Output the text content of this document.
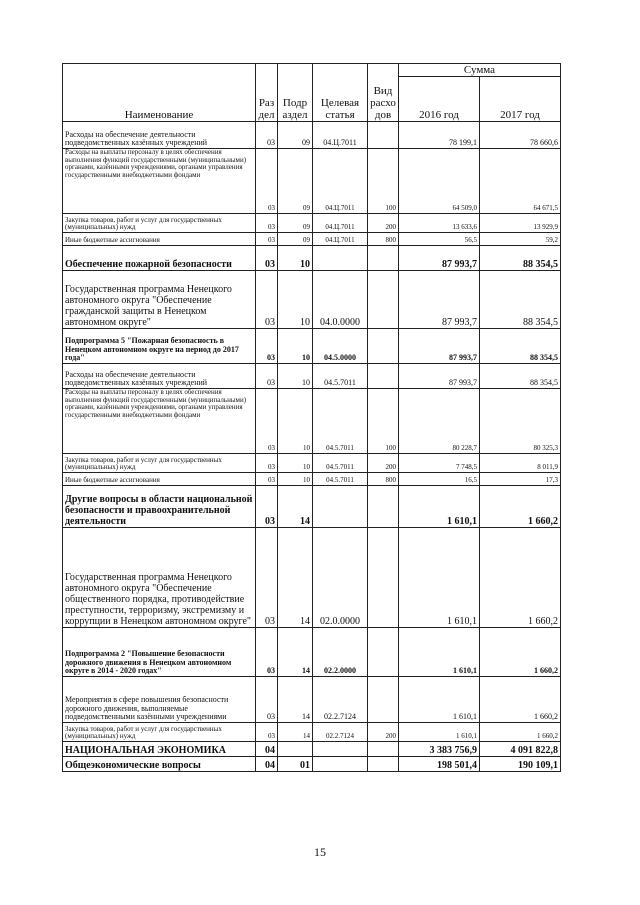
Наименование	Раз дел	Подр аздел	Целевая статья	Вид расхо дов	Сумма	
					2016 год	2017 год
Расходы на обеспечение деятельности подведомственных казённых учреждений	03	09	04.Ц.7011		78 199,1	78 660,6
Расходы на выплаты персоналу в целях обеспечения выполнения функций государственными (муниципальными) органами, казёнными учреждениями, органами управления государственными внебюджетными фондами	03	09	04.Ц.7011	100	64 509,0	64 671,5
Закупка товаров, работ и услуг для государственных (муниципальных) нужд	03	09	04.Ц.7011	200	13 633,6	13 929,9
Иные бюджетные ассигнования	03	09	04.Ц.7011	800	56,5	59,2
Обеспечение пожарной безопасности	03	10			87 993,7	88 354,5
Государственная программа Ненецкого автономного округа "Обеспечение гражданской защиты в Ненецком автономном округе"	03	10	04.0.0000		87 993,7	88 354,5
Подпрограмма 5 "Пожарная безопасность в Ненецком автономном округе на период до 2017 года"	03	10	04.5.0000		87 993,7	88 354,5
Расходы на обеспечение деятельности подведомственных казённых учреждений	03	10	04.5.7011		87 993,7	88 354,5
Расходы на выплаты персоналу в целях обеспечения выполнения функций государственными (муниципальными) органами, казёнными учреждениями, органами управления государственными внебюджетными фондами	03	10	04.5.7011	100	80 228,7	80 325,3
Закупка товаров, работ и услуг для государственных (муниципальных) нужд	03	10	04.5.7011	200	7 748,5	8 011,9
Иные бюджетные ассигнования	03	10	04.5.7011	800	16,5	17,3
Другие вопросы в области национальной безопасности и правоохранительной деятельности	03	14			1 610,1	1 660,2
Государственная программа Ненецкого автономного округа "Обеспечение общественного порядка, противодействие преступности, терроризму, экстремизму и коррупции в Ненецком автономном округе"	03	14	02.0.0000		1 610,1	1 660,2
Подпрограмма 2 "Повышение безопасности дорожного движения в Ненецком автономном округе в 2014 - 2020 годах"	03	14	02.2.0000		1 610,1	1 660,2
Мероприятия в сфере повышения безопасности дорожного движения, выполняемые подведомственными казёнными учреждениями	03	14	02.2.7124		1 610,1	1 660,2
Закупка товаров, работ и услуг для государственных (муниципальных) нужд	03	14	02.2.7124	200	1 610,1	1 660,2
НАЦИОНАЛЬНАЯ ЭКОНОМИКА	04				3 383 756,9	4 091 822,8
Общеэкономические вопросы	04	01			198 501,4	190 109,1
15
